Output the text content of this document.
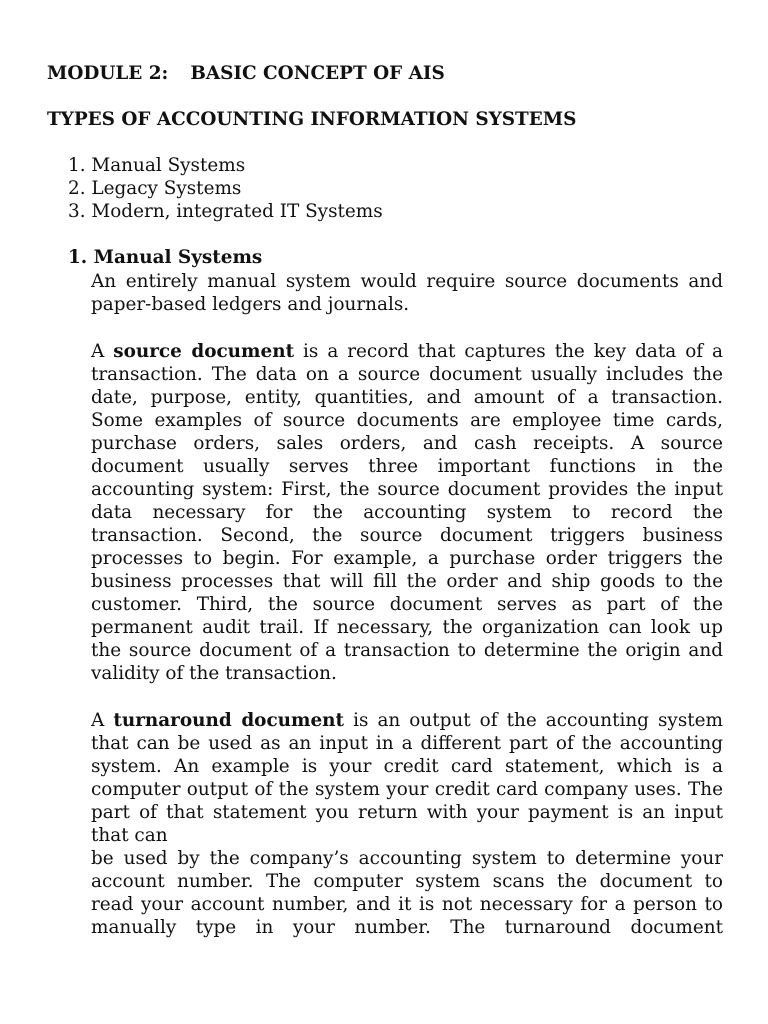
MODULE 2: BASIC CONCEPT OF AIS
TYPES OF ACCOUNTING INFORMATION SYSTEMS
1. Manual Systems
2. Legacy Systems
3. Modern, integrated IT Systems
1. Manual Systems
An entirely manual system would require source documents and
paper-based ledgers and journals.
A source document is a record that captures the key data of a
transaction. The data on a source document usually includes the
date, purpose, entity, quantities, and amount of a transaction.
Some examples of source documents are employee time cards,
purchase orders, sales orders, and cash receipts. A source
document usually serves three important functions in the
accounting system: First, the source document provides the input
data necessary for the accounting system to record the
transaction. Second, the source document triggers business
processes to begin. For example, a purchase order triggers the
business processes that will fill the order and ship goods to the
customer. Third, the source document serves as part of the
permanent audit trail. If necessary, the organization can look up
the source document of a transaction to determine the origin and
validity of the transaction.
A turnaround document is an output of the accounting system
that can be used as an input in a different part of the accounting
system. An example is your credit card statement, which is a
computer output of the system your credit card company uses. The
part of that statement you return with your payment is an input
that can
be used by the company’s accounting system to determine your
account number. The computer system scans the document to
read your account number, and it is not necessary for a person to
manually type in your number. The turnaround document
